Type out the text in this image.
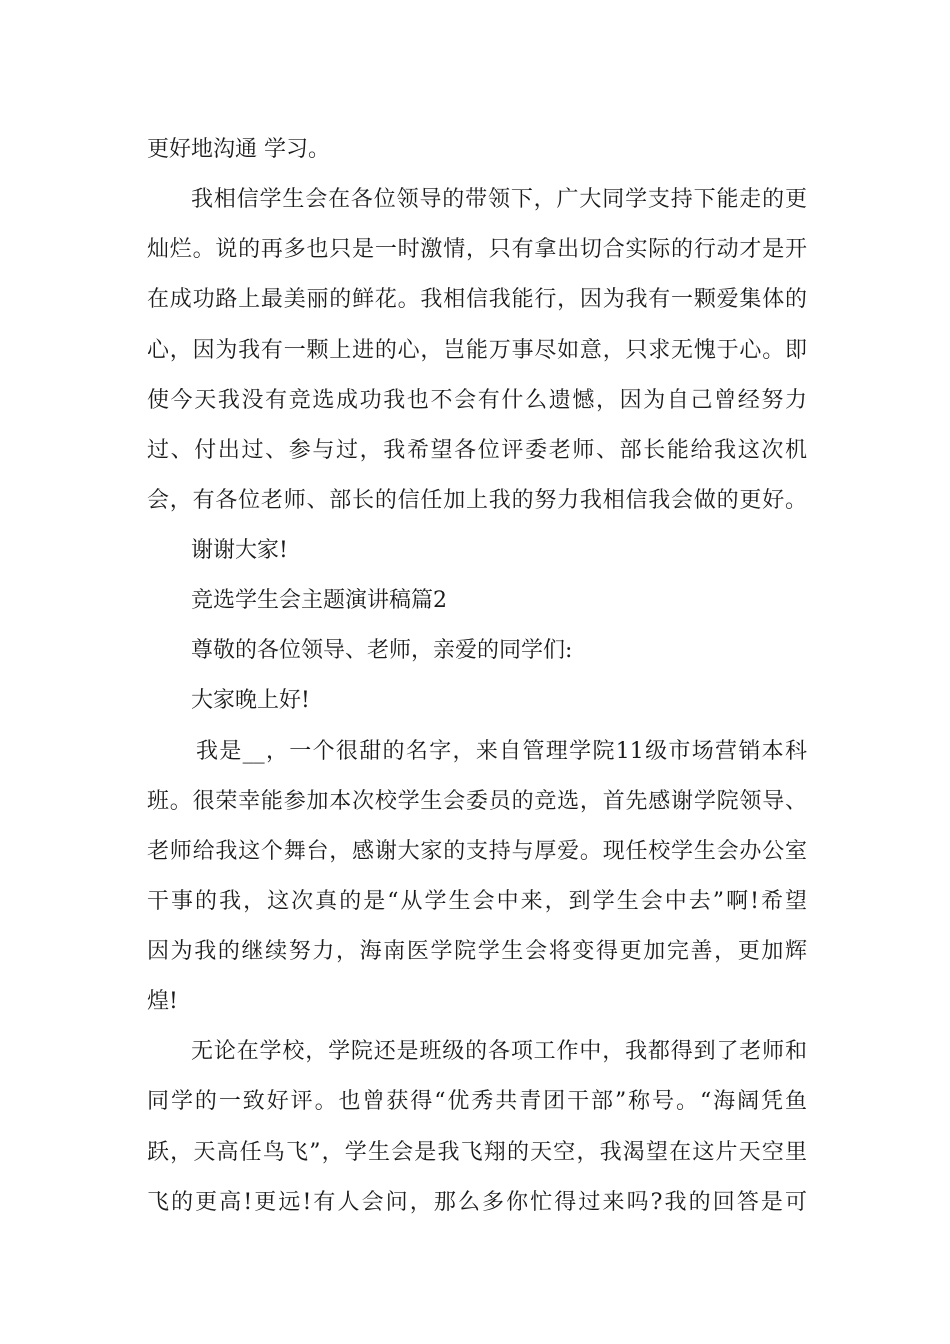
更好地沟通 学习。
我相信学生会在各位领导的带领下，广大同学支持下能走的更
灿烂。说的再多也只是一时激情，只有拿出切合实际的行动才是开
在成功路上最美丽的鲜花。我相信我能行，因为我有一颗爱集体的
心，因为我有一颗上进的心，岂能万事尽如意，只求无愧于心。即
使今天我没有竞选成功我也不会有什么遗憾，因为自己曾经努力
过、付出过、参与过，我希望各位评委老师、部长能给我这次机
会，有各位老师、部长的信任加上我的努力我相信我会做的更好。
谢谢大家!
竞选学生会主题演讲稿篇2
尊敬的各位领导、老师，亲爱的同学们:
大家晚上好!
我是__，一个很甜的名字，来自管理学院11级市场营销本科
班。很荣幸能参加本次校学生会委员的竞选，首先感谢学院领导、
老师给我这个舞台，感谢大家的支持与厚爱。现任校学生会办公室
干事的我，这次真的是“从学生会中来，到学生会中去”啊!希望
因为我的继续努力，海南医学院学生会将变得更加完善，更加辉
煌!
无论在学校，学院还是班级的各项工作中，我都得到了老师和
同学的一致好评。也曾获得“优秀共青团干部”称号。“海阔凭鱼
跃，天高任鸟飞”，学生会是我飞翔的天空，我渴望在这片天空里
飞的更高!更远!有人会问，那么多你忙得过来吗?我的回答是可
